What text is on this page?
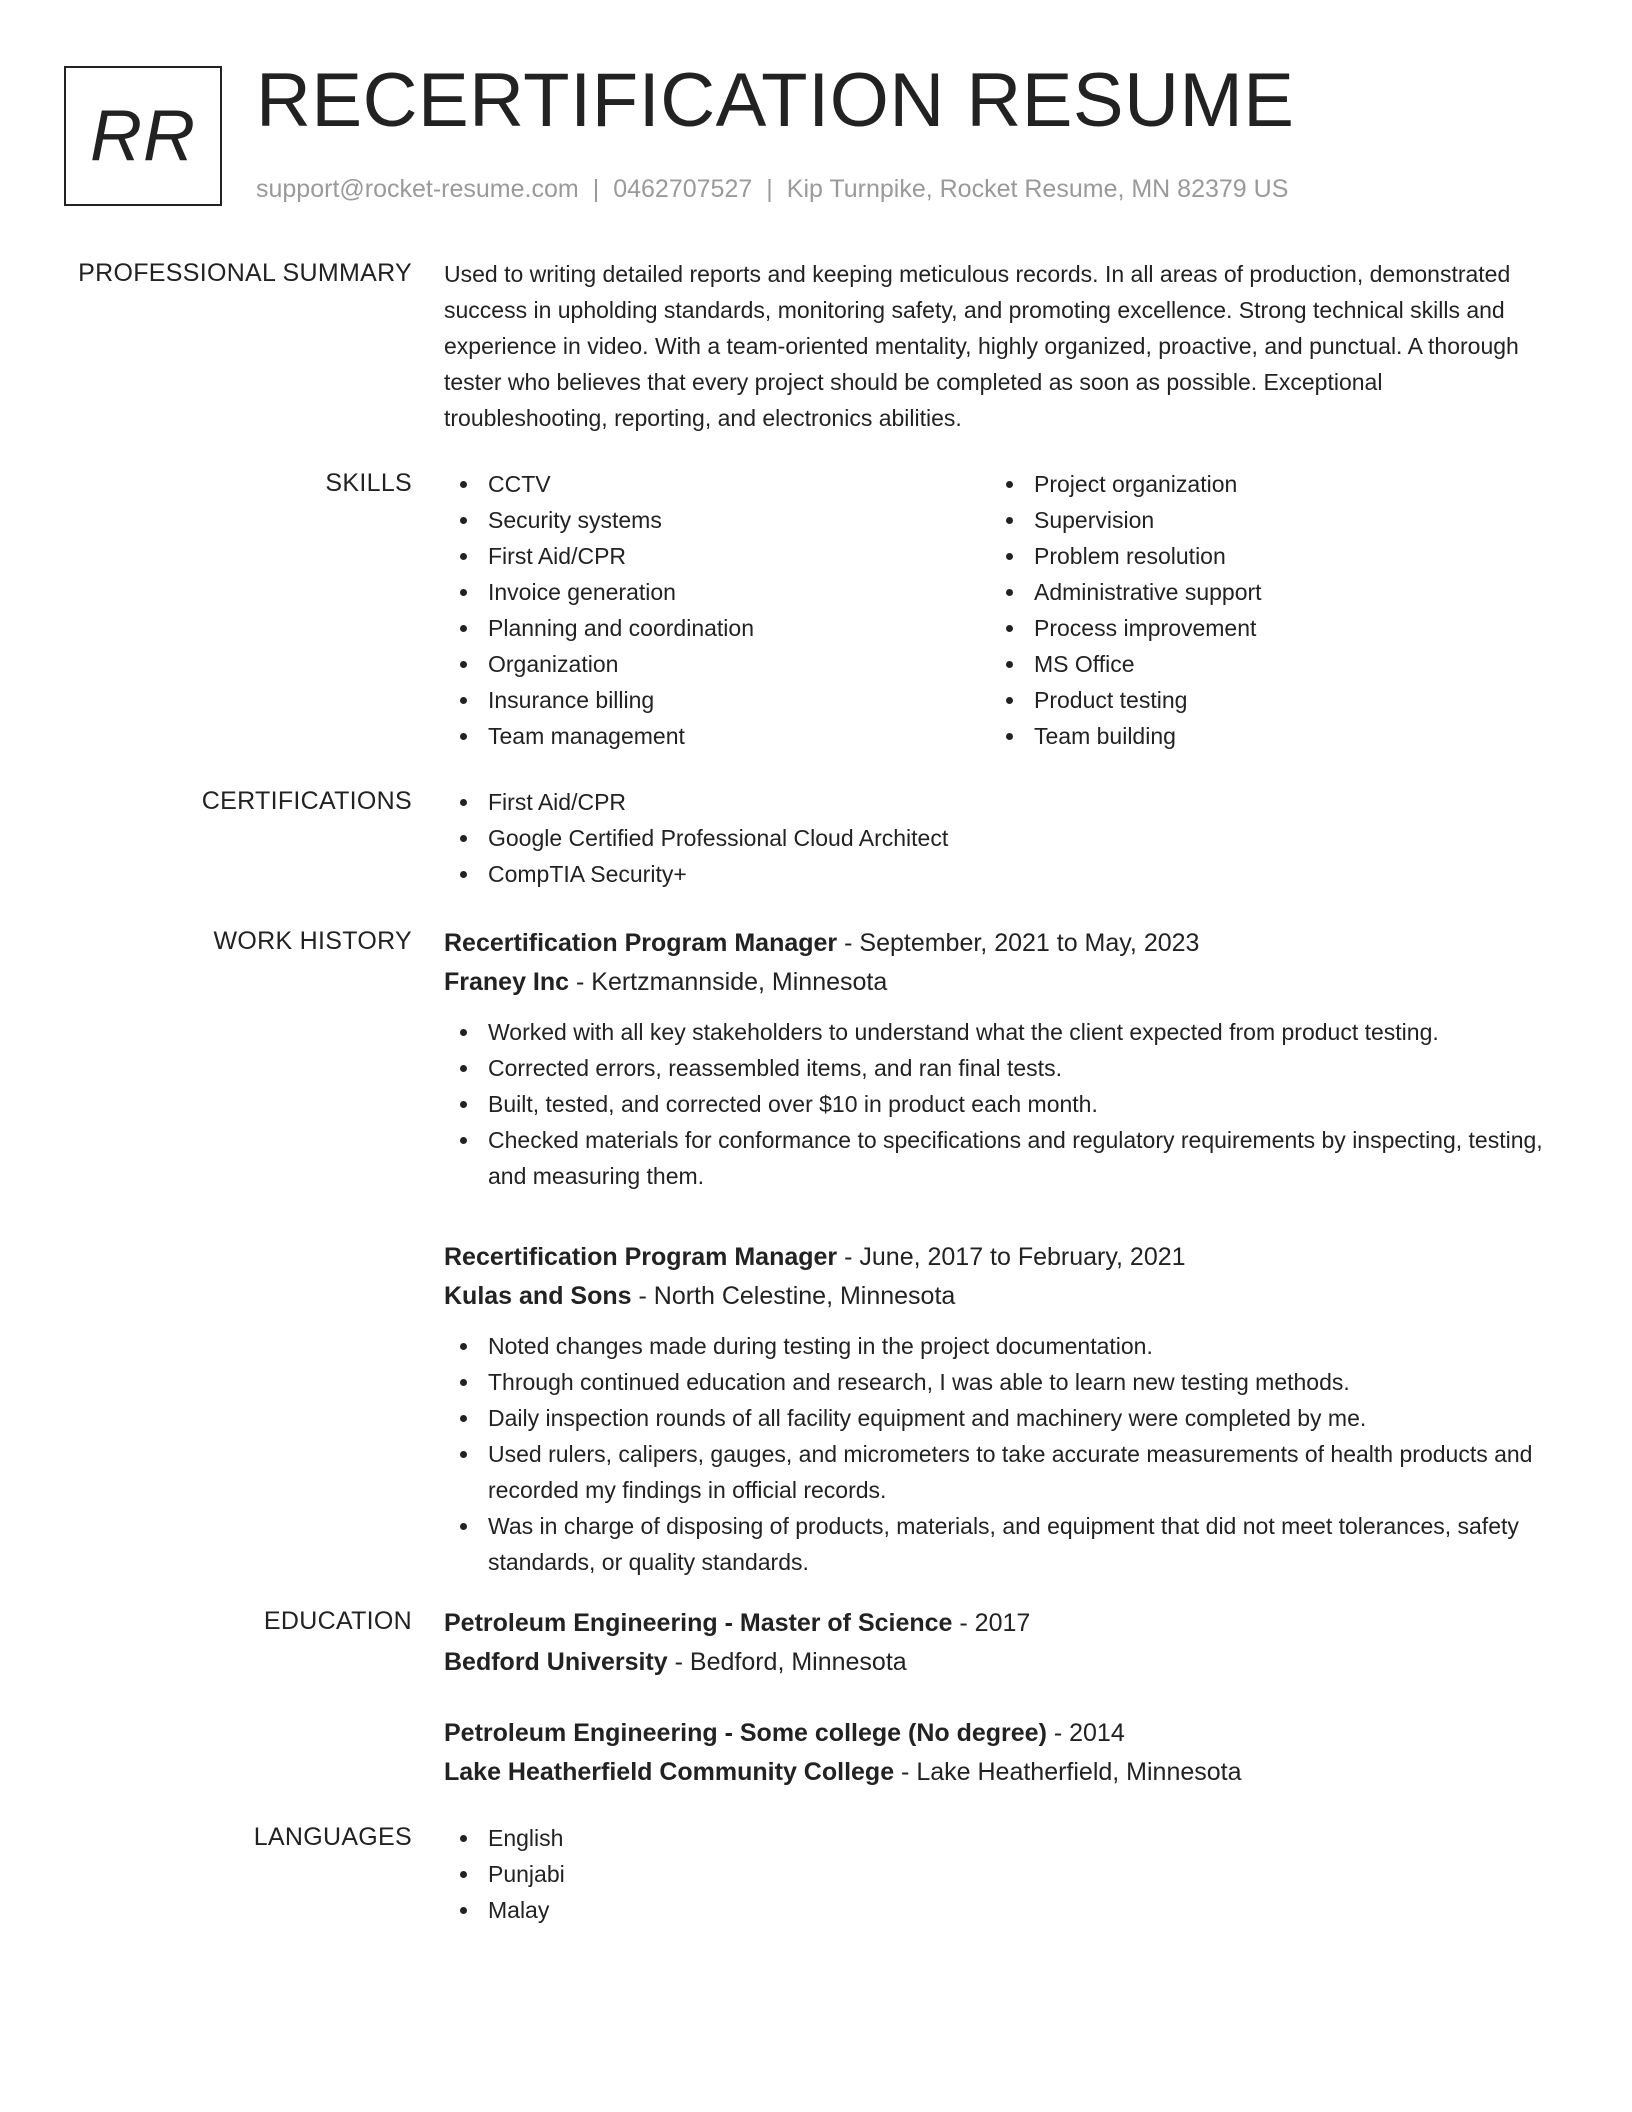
RR RECERTIFICATION RESUME
support@rocket-resume.com | 0462707527 | Kip Turnpike, Rocket Resume, MN 82379 US
PROFESSIONAL SUMMARY Used to writing detailed reports and keeping meticulous records. In all areas of production, demonstrated success in upholding standards, monitoring safety, and promoting excellence. Strong technical skills and experience in video. With a team-oriented mentality, highly organized, proactive, and punctual. A thorough tester who believes that every project should be completed as soon as possible. Exceptional troubleshooting, reporting, and electronics abilities.

SKILLS	CCTV
Security systems
First Aid/CPR
Invoice generation
Planning and coordination
Organization
Insurance billing
Team management
Project organization
Supervision
Problem resolution
Administrative support
Process improvement
MS Office
Product testing
Team building
CERTIFICATIONS	First Aid/CPR
Google Certified Professional Cloud Architect
CompTIA Security+
WORK HISTORY Recertification Program Manager - September, 2021 to May, 2023
Franey Inc - Kertzmannside, Minnesota
Worked with all key stakeholders to understand what the client expected from product testing.
Corrected errors, reassembled items, and ran final tests.
Built, tested, and corrected over $10 in product each month.
Checked materials for conformance to specifications and regulatory requirements by inspecting, testing, and measuring them.
Recertification Program Manager - June, 2017 to February, 2021
Kulas and Sons - North Celestine, Minnesota
Noted changes made during testing in the project documentation.
Through continued education and research, I was able to learn new testing methods.
Daily inspection rounds of all facility equipment and machinery were completed by me.
Used rulers, calipers, gauges, and micrometers to take accurate measurements of health products and recorded my findings in official records.
Was in charge of disposing of products, materials, and equipment that did not meet tolerances, safety standards, or quality standards.
EDUCATION Petroleum Engineering - Master of Science - 2017
Bedford University - Bedford, Minnesota
Petroleum Engineering - Some college (No degree) - 2014
Lake Heatherfield Community College - Lake Heatherfield, Minnesota
LANGUAGES	English
Punjabi
Malay
